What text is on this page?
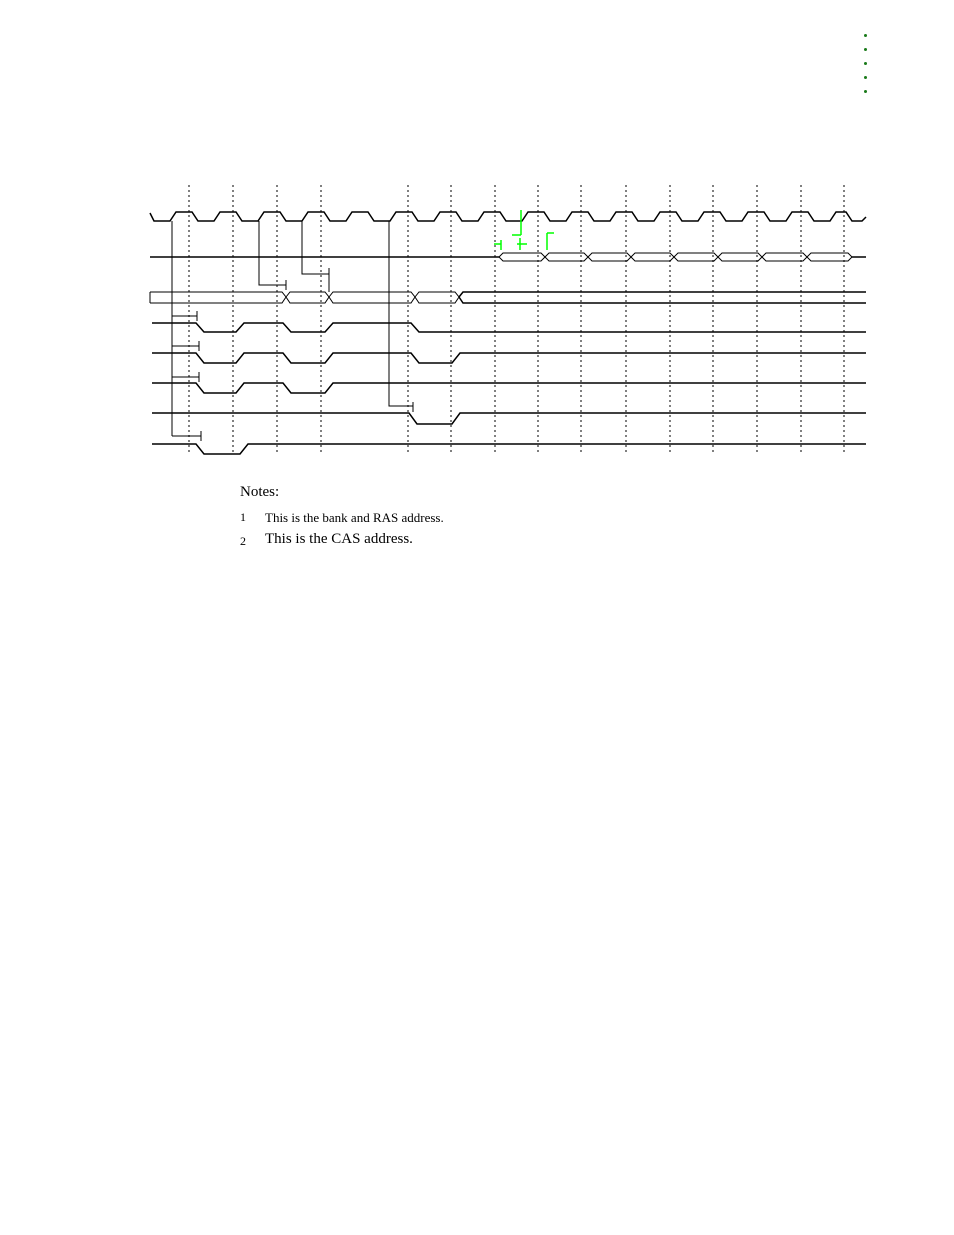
Notes:
1 This is the bank and RAS address.
2 This is the CAS address.
